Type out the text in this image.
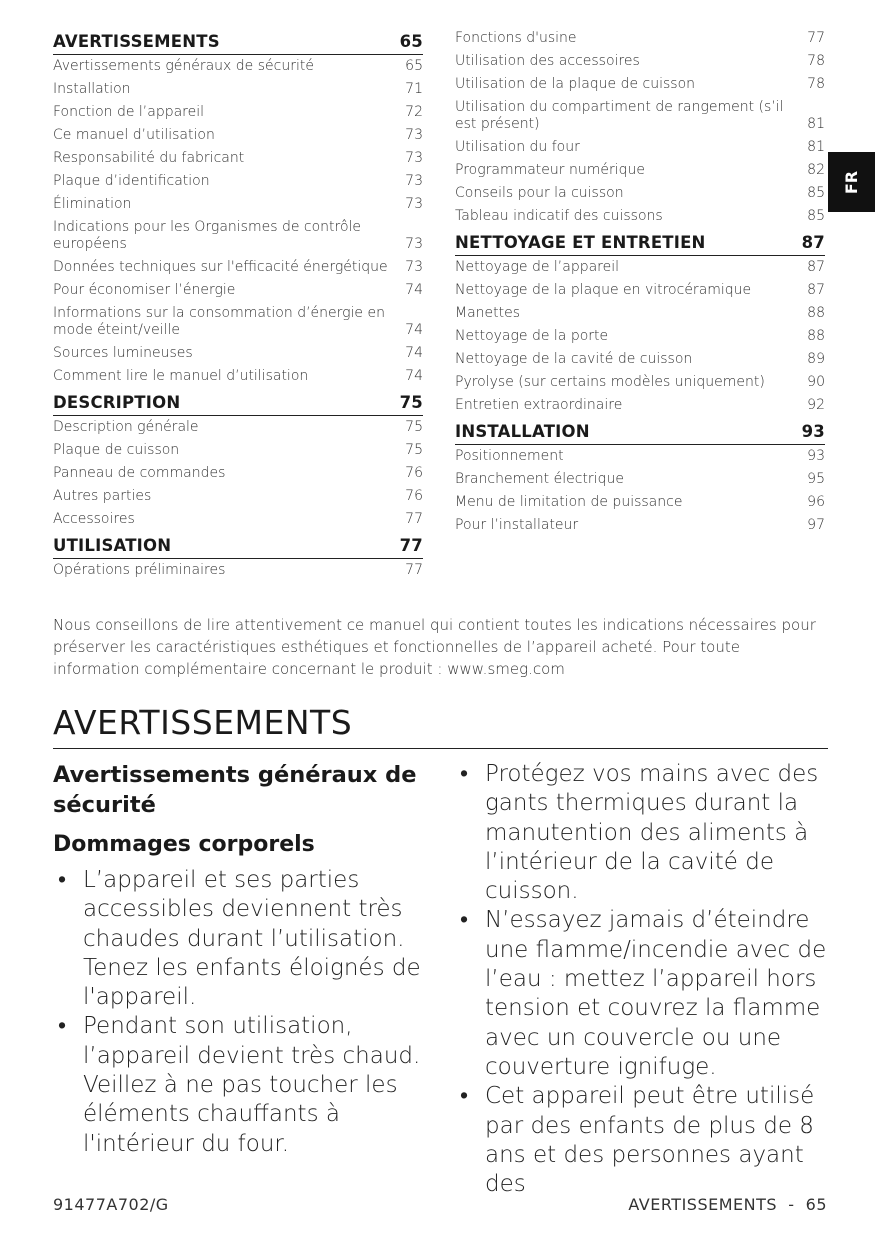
AVERTISSEMENTS	65
Avertissements généraux de sécurité	65
Installation	71
Fonction de l’appareil	72
Ce manuel d’utilisation	73
Responsabilité du fabricant	73
Plaque d’identification	73
Élimination	73
Indications pour les Organismes de contrôle européens	73
Données techniques sur l'efficacité énergétique	73
Pour économiser l’énergie	74
Informations sur la consommation d’énergie en mode éteint/veille	74
Sources lumineuses	74
Comment lire le manuel d’utilisation	74
DESCRIPTION	75
Description générale	75
Plaque de cuisson	75
Panneau de commandes	76
Autres parties	76
Accessoires	77
UTILISATION	77
Opérations préliminaires	77
Fonctions d'usine	77
Utilisation des accessoires	78
Utilisation de la plaque de cuisson	78
Utilisation du compartiment de rangement (s’il est présent)	81
Utilisation du four	81
Programmateur numérique	82
Conseils pour la cuisson	85
Tableau indicatif des cuissons	85
NETTOYAGE ET ENTRETIEN	87
Nettoyage de l’appareil	87
Nettoyage de la plaque en vitrocéramique	87
Manettes	88
Nettoyage de la porte	88
Nettoyage de la cavité de cuisson	89
Pyrolyse (sur certains modèles uniquement)	90
Entretien extraordinaire	92
INSTALLATION	93
Positionnement	93
Branchement électrique	95
Menu de limitation de puissance	96
Pour l’installateur	97
FR

Nous conseillons de lire attentivement ce manuel qui contient toutes les indications nécessaires pour préserver les caractéristiques esthétiques et fonctionnelles de l’appareil acheté. Pour toute information complémentaire concernant le produit : www.smeg.com

AVERTISSEMENTS
Avertissements généraux de sécurité
Dommages corporels
• L’appareil et ses parties accessibles deviennent très chaudes durant l’utilisation. Tenez les enfants éloignés de l'appareil.
• Pendant son utilisation, l’appareil devient très chaud. Veillez à ne pas toucher les éléments chauffants à l'intérieur du four.
• Protégez vos mains avec des gants thermiques durant la manutention des aliments à l’intérieur de la cavité de cuisson.
• N’essayez jamais d’éteindre une flamme/incendie avec de l’eau : mettez l’appareil hors tension et couvrez la flamme avec un couvercle ou une couverture ignifuge.
• Cet appareil peut être utilisé par des enfants de plus de 8 ans et des personnes ayant des
91477A702/G	AVERTISSEMENTS  -  65
